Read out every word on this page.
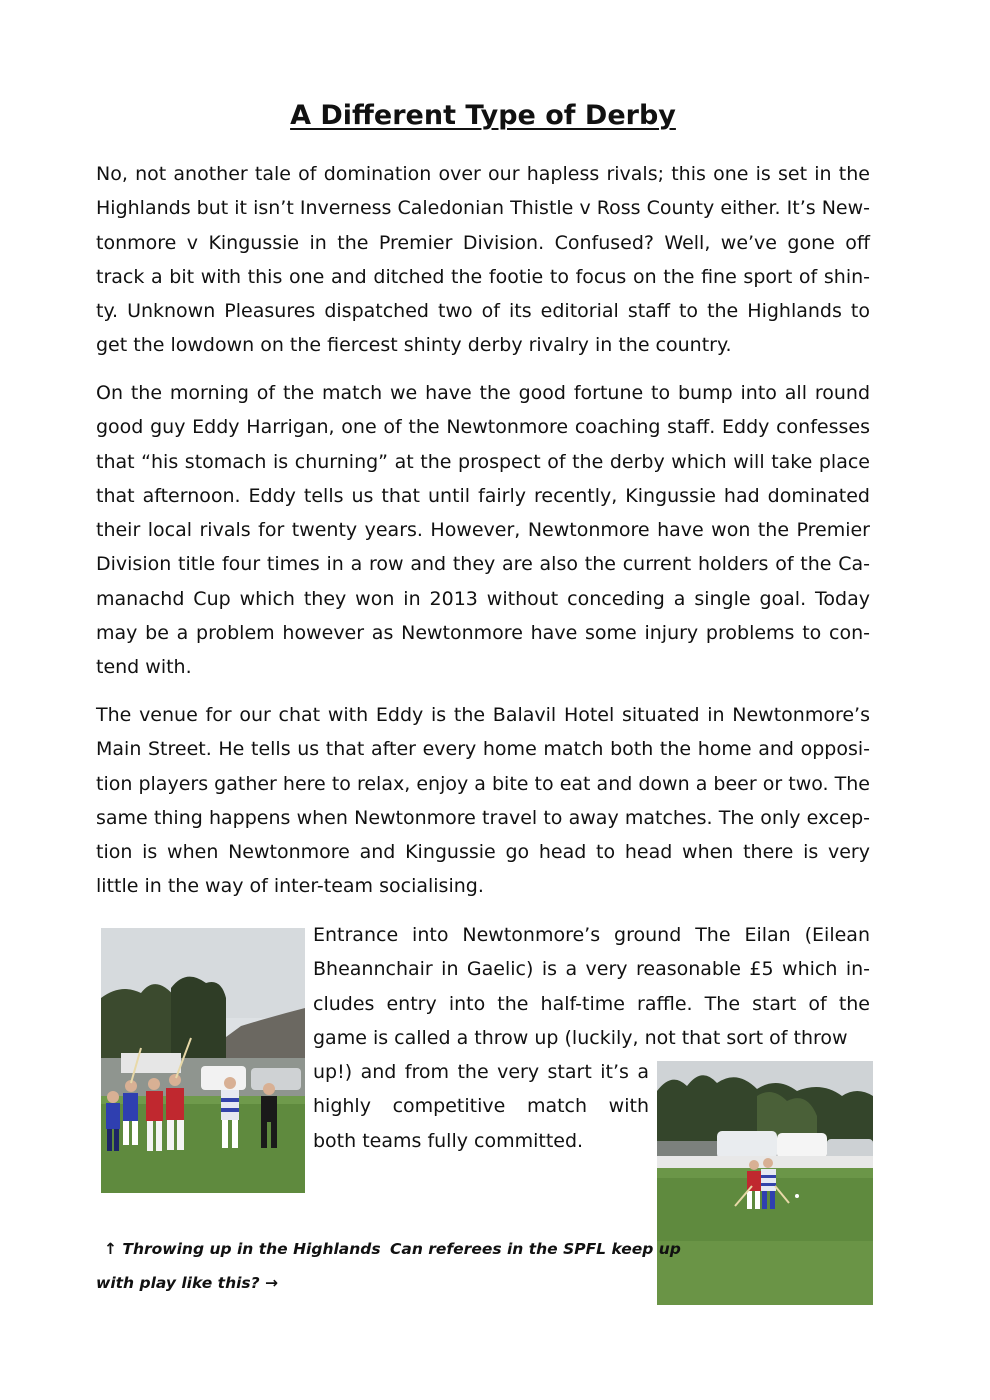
A Different Type of Derby

No, not another tale of domination over our hapless rivals; this one is set in the Highlands but it isn’t Inverness Caledonian Thistle v Ross County either. It’s New-tonmore v Kingussie in the Premier Division. Confused? Well, we’ve gone off track a bit with this one and ditched the footie to focus on the fine sport of shin-ty. Unknown Pleasures dispatched two of its editorial staff to the Highlands to get the lowdown on the fiercest shinty derby rivalry in the country.

On the morning of the match we have the good fortune to bump into all round good guy Eddy Harrigan, one of the Newtonmore coaching staff. Eddy confesses that “his stomach is churning” at the prospect of the derby which will take place that afternoon. Eddy tells us that until fairly recently, Kingussie had dominated their local rivals for twenty years. However, Newtonmore have won the Premier Division title four times in a row and they are also the current holders of the Ca-manachd Cup which they won in 2013 without conceding a single goal. Today may be a problem however as Newtonmore have some injury problems to con-tend with.

The venue for our chat with Eddy is the Balavil Hotel situated in Newtonmore’s Main Street. He tells us that after every home match both the home and opposi-tion players gather here to relax, enjoy a bite to eat and down a beer or two. The same thing happens when Newtonmore travel to away matches. The only excep-tion is when Newtonmore and Kingussie go head to head when there is very little in the way of inter-team socialising.

Entrance into Newtonmore’s ground The Eilan (Eilean Bheannchair in Gaelic) is a very reasonable £5 which in-cludes entry into the half-time raffle. The start of the game is called a throw up (luckily, not that sort of throw

up!) and from the very start it’s a highly competitive match with both teams fully committed.

↑ Throwing up in the Highlands Can referees in the SPFL keep up
with play like this? →
